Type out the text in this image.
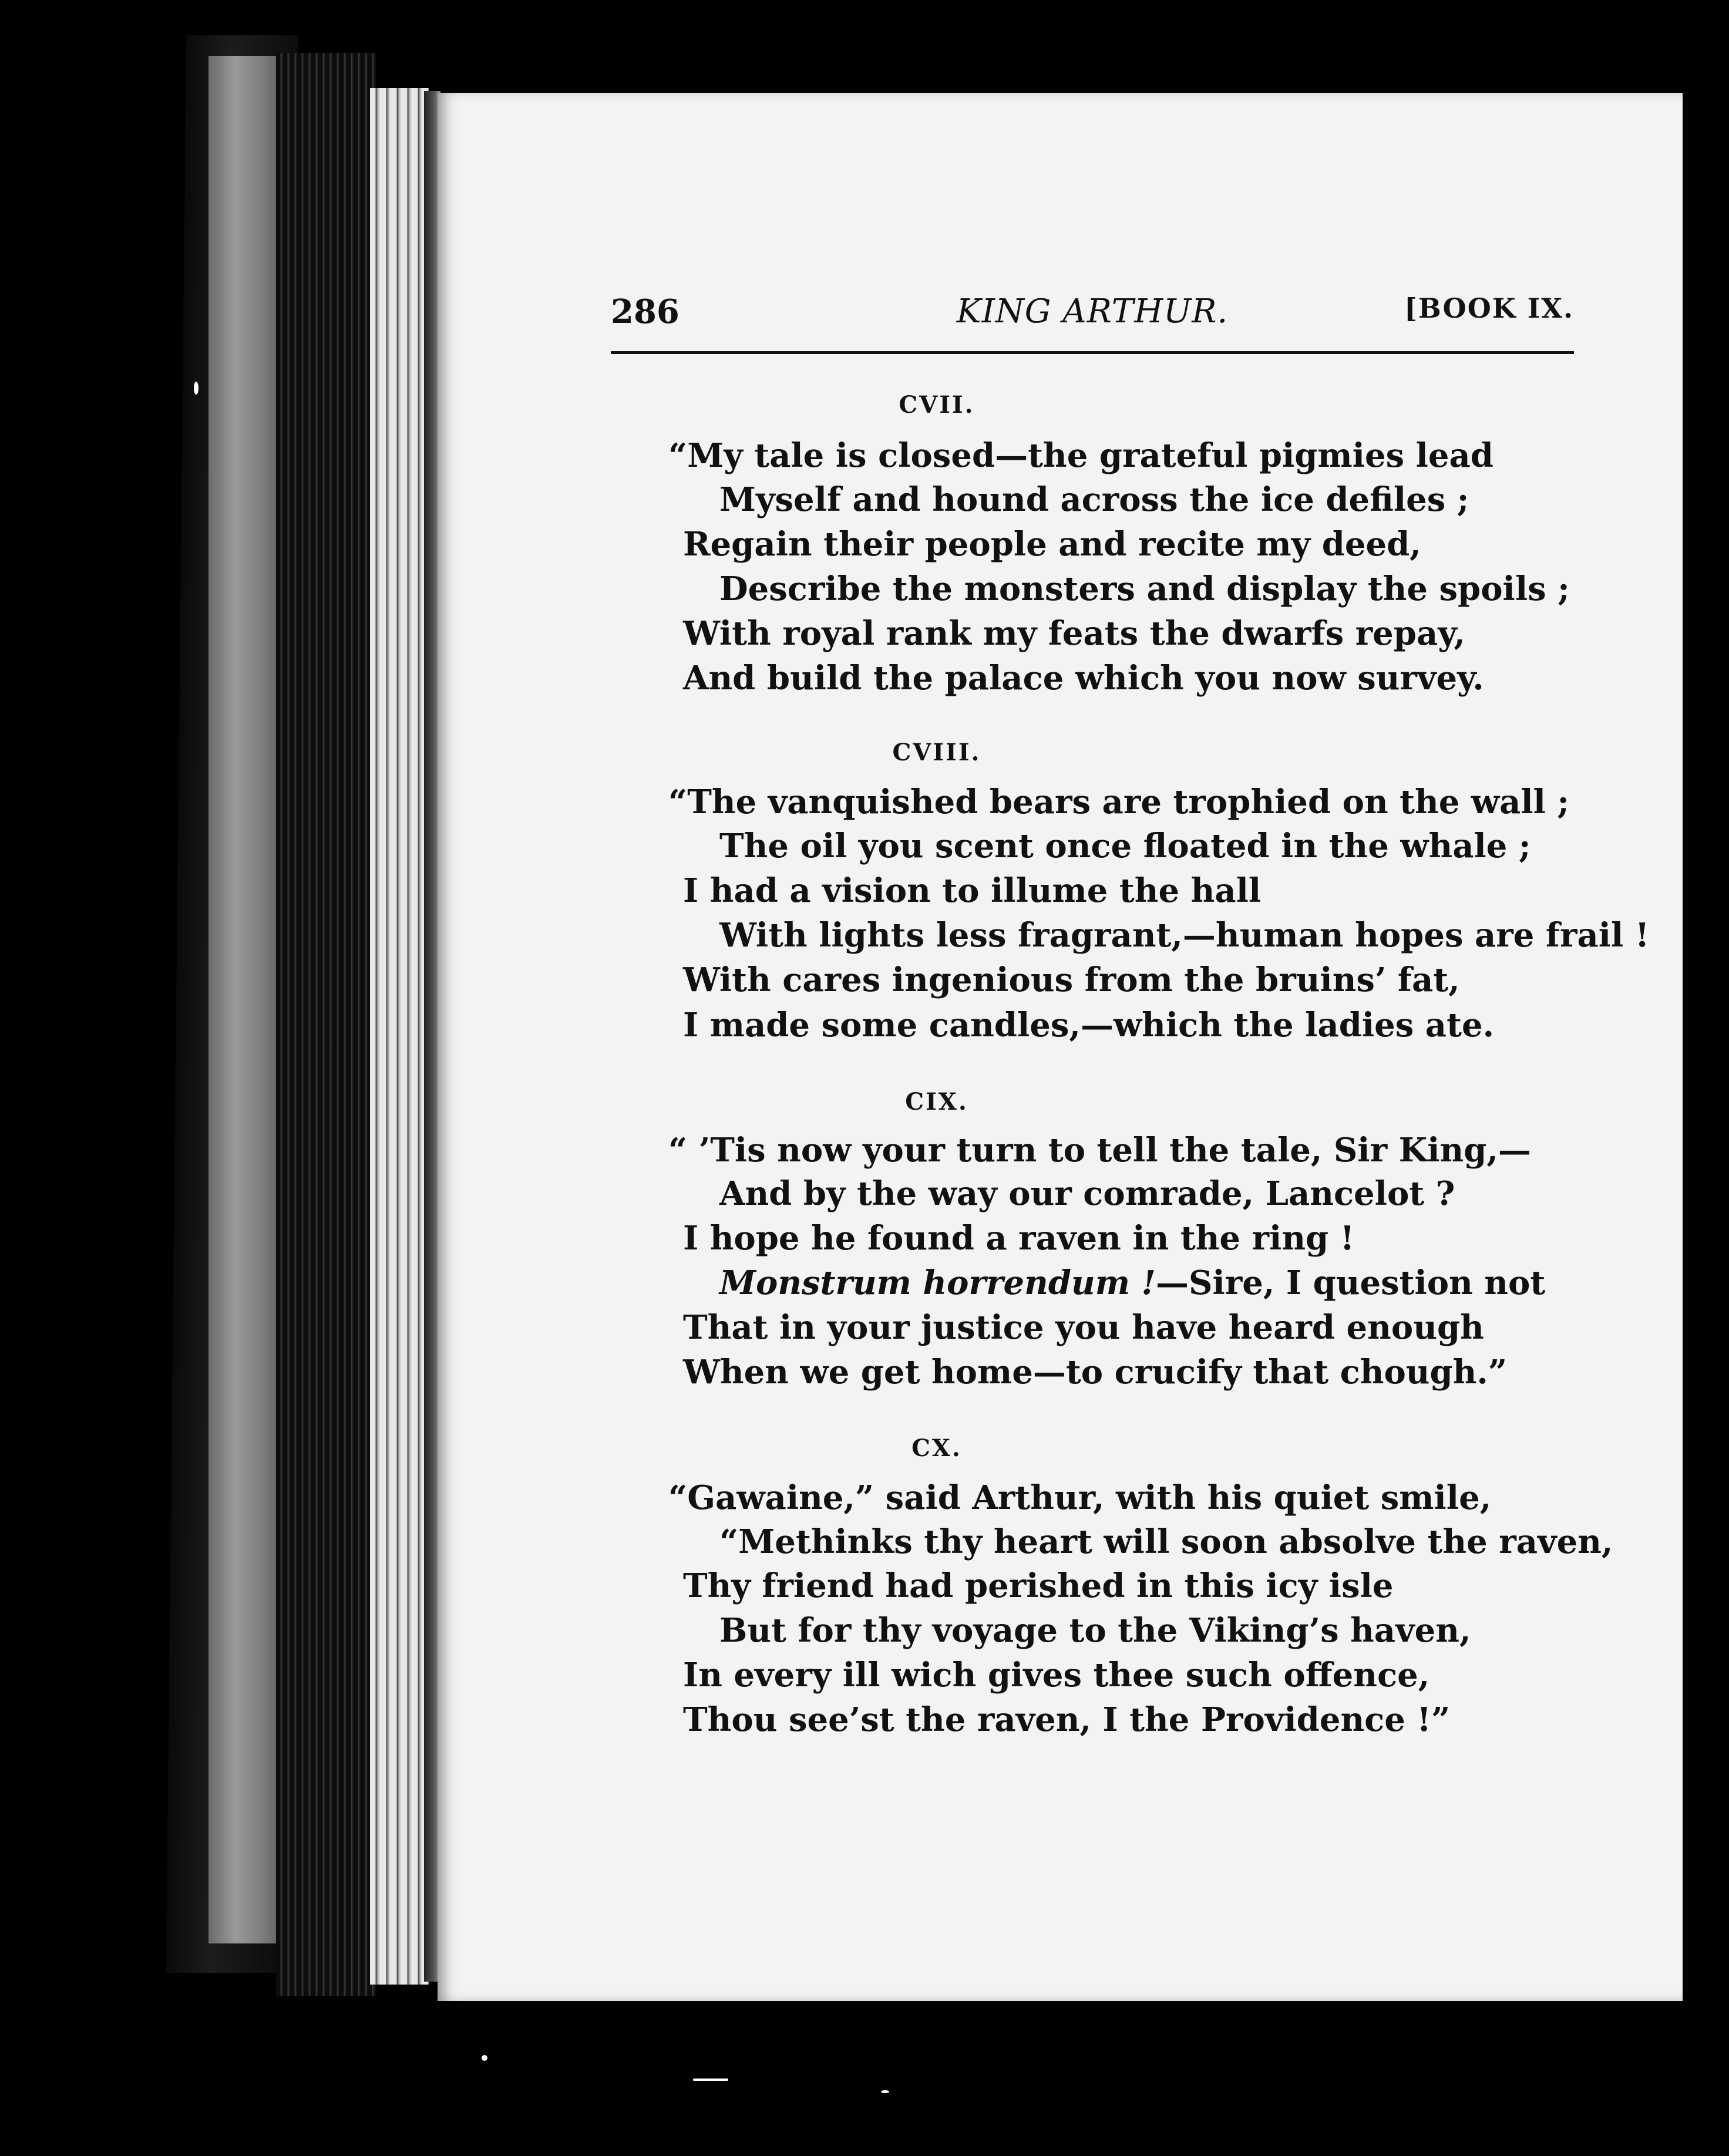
286	KING ARTHUR.	[BOOK IX.
CVII.
“My tale is closed—the grateful pigmies lead
Myself and hound across the ice defiles ;
Regain their people and recite my deed,
Describe the monsters and display the spoils ;
With royal rank my feats the dwarfs repay,
And build the palace which you now survey.
CVIII.
“The vanquished bears are trophied on the wall ;
The oil you scent once floated in the whale ;
I had a vision to illume the hall
With lights less fragrant,—human hopes are frail !
With cares ingenious from the bruins’ fat,
I made some candles,—which the ladies ate.
CIX.
“ ’Tis now your turn to tell the tale, Sir King,—
And by the way our comrade, Lancelot ?
I hope he found a raven in the ring !
Monstrum horrendum !—Sire, I question not
That in your justice you have heard enough
When we get home—to crucify that chough.”
CX.
“Gawaine,” said Arthur, with his quiet smile,
“Methinks thy heart will soon absolve the raven,
Thy friend had perished in this icy isle
But for thy voyage to the Viking’s haven,
In every ill wich gives thee such offence,
Thou see’st the raven, I the Providence !”
